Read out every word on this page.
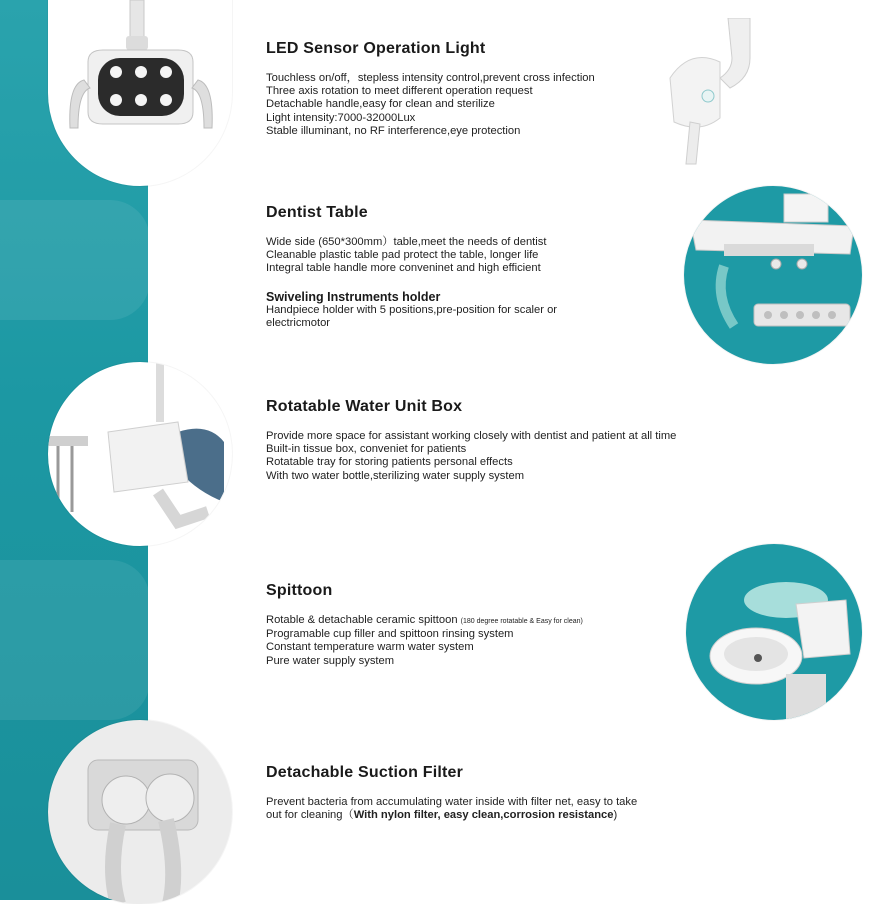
LED Sensor Operation Light

Touchless on/off，stepless intensity control,prevent cross infection

Three axis rotation to meet different operation request

Detachable handle,easy for clean and sterilize

Light intensity:7000-32000Lux

Stable illuminant, no RF interference,eye protection

Dentist Table

Wide side (650*300mm）table,meet the needs of dentist

Cleanable plastic table pad protect the table, longer life

Integral table handle more conveninet and high efficient

Swiveling Instruments holder

Handpiece holder with 5 positions,pre-position for scaler or

electricmotor

Rotatable Water Unit Box

Provide more space for assistant working closely with dentist and patient at all time

Built-in tissue box, conveniet for patients

Rotatable tray for storing patients personal effects

With two water bottle,sterilizing water supply system

Spittoon

Rotable & detachable ceramic spittoon (180 degree rotatable & Easy for clean)

Programable cup filler and spittoon rinsing system

Constant temperature warm water system

Pure water supply system

Detachable Suction Filter

Prevent bacteria from accumulating water inside with filter net, easy to take

out for cleaning（With nylon filter, easy clean,corrosion resistance)
